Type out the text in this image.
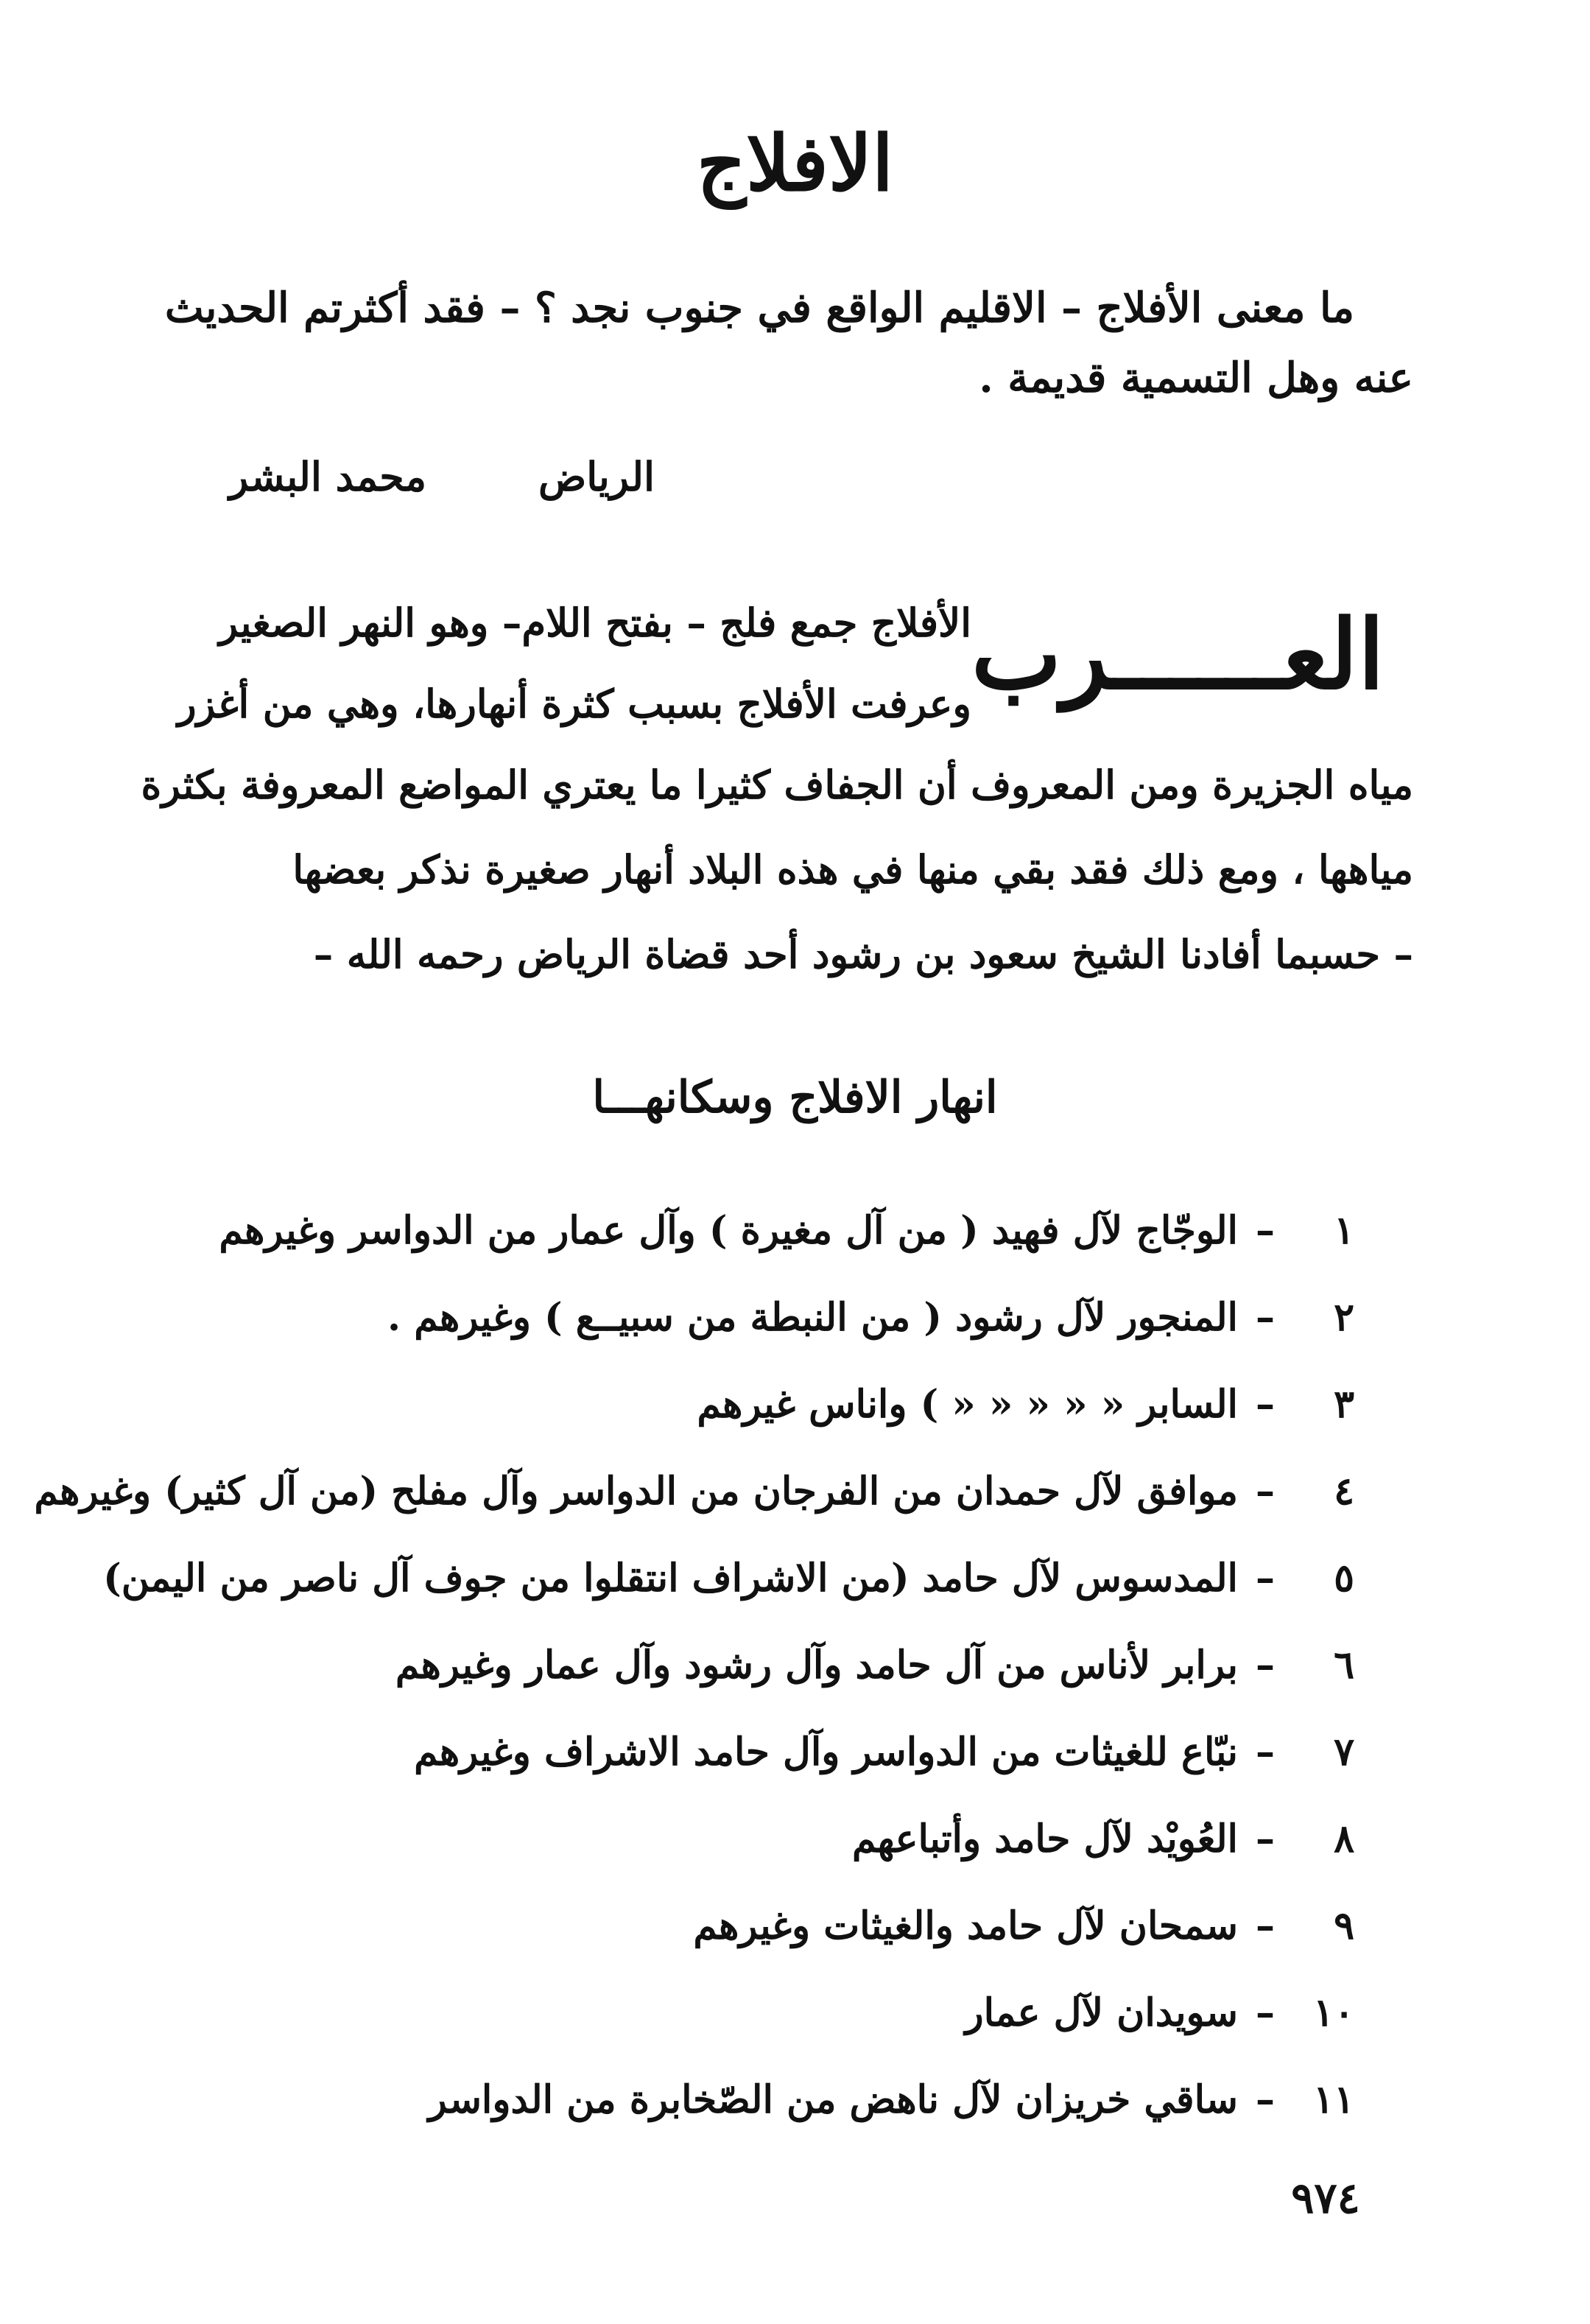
الافلاج
ما معنى الأفلاج – الاقليم الواقع في جنوب نجد ؟ – فقد أكثرتم الحديث
عنه وهل التسمية قديمة .
الرياض
محمد البشر
العــــــرب
الأفلاج جمع فلج – بفتح اللام– وهو النهر الصغير
وعرفت الأفلاج بسبب كثرة أنهارها، وهي من أغزر
مياه الجزيرة ومن المعروف أن الجفاف كثيرا ما يعتري المواضع المعروفة بكثرة
مياهها ، ومع ذلك فقد بقي منها في هذه البلاد أنهار صغيرة نذكر بعضها
– حسبما أفادنا الشيخ سعود بن رشود أحد قضاة الرياض رحمه الله –
انهار الافلاج وسكانهـــا
١
–
الوجّاج لآل فهيد ( من آل مغيرة ) وآل عمار من الدواسر وغيرهم
٢
–
المنجور لآل رشود ( من النبطة من سبيــع ) وغيرهم .
٣
–
السابر « « « « « ) واناس غيرهم
٤
–
موافق لآل حمدان من الفرجان من الدواسر وآل مفلح (من آل كثير) وغيرهم
٥
–
المدسوس لآل حامد (من الاشراف انتقلوا من جوف آل ناصر من اليمن)
٦
–
برابر لأناس من آل حامد وآل رشود وآل عمار وغيرهم
٧
–
نبّاع للغيثات من الدواسر وآل حامد الاشراف وغيرهم
٨
–
العُويْد لآل حامد وأتباعهم
٩
–
سمحان لآل حامد والغيثات وغيرهم
١٠
–
سويدان لآل عمار
١١
–
ساقي خريزان لآل ناهض من الصّخابرة من الدواسر
٩٧٤
